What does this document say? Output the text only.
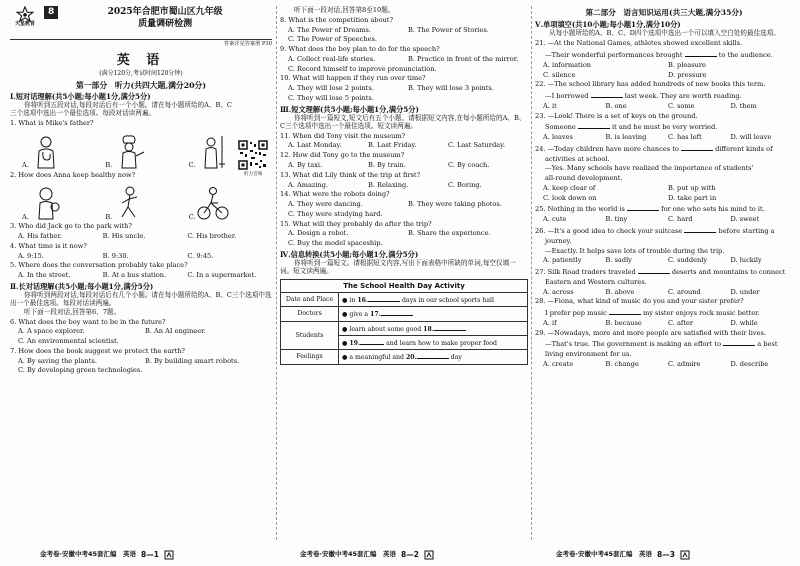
天星教育
8	2025年合肥市蜀山区九年级
质量调研检测
答案详见答案册 P30
英 语
(满分120分,考试时间120分钟)
第一部分　听力(共四大题,满分20分)
Ⅰ.短对话理解(共5小题;每小题1分,满分5分)
你将听到五段对话,每段对话后有一个小题。请在每小题所给的A、B、C三个选项中选出一个最佳选项。每段对话读两遍。
1. What is Mike's father?
A.	B.	C.
2. How does Anna keep healthy now?
A.	B.	C.
3. Who did Jack go to the park with?
A. His father.	B. His uncle.	C. His brother.
4. What time is it now?
A. 9:15.	B. 9:30.	C. 9:45.
5. Where does the conversation probably take place?
A. In the street.	B. At a bus station.	C. In a supermarket.
Ⅱ.长对话理解(共5小题;每小题1分,满分5分)
你将听到两段对话,每段对话后有几个小题。请在每小题所给的A、B、C三个选项中选出一个最佳选项。每段对话读两遍。
听下面一段对话,回答第6、7题。
6. What does the boy want to be in the future?
A. A space explorer.	B. An AI engineer.
C. An environmental scientist.
7. How does the book suggest we protect the earth?
A. By saving the plants.	B. By building smart robots.
C. By developing green technologies.
听力音频
听下面一段对话,回答第8至10题。
8. What is the competition about?
A. The Power of Dreams.	B. The Power of Stories.
C. The Power of Speeches.
9. What does the boy plan to do for the speech?
A. Collect real-life stories.	B. Practice in front of the mirror.
C. Record himself to improve pronunciation.
10. What will happen if they run over time?
A. They will lose 2 points.	B. They will lose 3 points.
C. They will lose 5 points.
Ⅲ.短文理解(共5小题;每小题1分,满分5分)
你将听到一篇短文,短文后有五个小题。请根据短文内容,在每小题所给的A、B、C三个选项中选出一个最佳选项。短文读两遍。
11. When did Tony visit the museum?
A. Last Monday.	B. Last Friday.	C. Last Saturday.
12. How did Tony go to the museum?
A. By taxi.	B. By train.	C. By coach.
13. What did Lily think of the trip at first?
A. Amazing.	B. Relaxing.	C. Boring.
14. What were the robots doing?
A. They were dancing.	B. They were taking photos.
C. They were studying hard.
15. What will they probably do after the trip?
A. Design a robot.	B. Share the experience.
C. Buy the model spaceship.
Ⅳ.信息转换(共5小题;每小题1分,满分5分)
你将听到一篇短文。请根据短文内容,写出下面表格中所缺的单词,每空仅填一词。短文读两遍。
The School Health Day Activity	
Date and Place	● in 16. days in our school sports hall
Doctors	● give a 17.
Students	● learn about some good 18.
	● 19. and learn how to make proper food
Feelings	● a meaningful and 20. day
第二部分　语言知识运用(共三大题,满分35分)
Ⅴ.单项填空(共10小题;每小题1分,满分10分)
从每小题所给的A、B、C、D四个选项中选出一个可以填入空白处的最佳选项。
21. —At the National Games, athletes showed excellent skills.
—Their wonderful performances brought	to the audience.
A. information	B. pleasure
C. silence	D. pressure
22. —The school library has added hundreds of new books this term.
—I borrowed	last week. They are worth reading.
A. it	B. one	C. some	D. them
23. —Look! There is a set of keys on the ground.
Someone	it and he must be very worried.
A. leaves	B. is leaving	C. has left	D. will leave
24. —Today children have more chances to	different kinds of
activities at school.
—Yes. Many schools have realized the importance of students'
all-round development.
A. keep clear of	B. put up with
C. look down on	D. take part in
25. Nothing in the world is	for one who sets his mind to it.
A. cute	B. tiny	C. hard	D. sweet
26. —It's a good idea to check your suitcase	before starting a
journey.
—Exactly. It helps save lots of trouble during the trip.
A. patiently	B. sadly	C. suddenly	D. luckily
27. Silk Road traders traveled	deserts and mountains to connect
Eastern and Western cultures.
A. across	B. above	C. around	D. under
28. —Fiona, what kind of music do you and your sister prefer?
I prefer pop music	my sister enjoys rock music better.
A. if	B. because	C. after	D. while
29. —Nowadays, more and more people are satisfied with their lives.
—That's true. The government is making an effort to	a best
living environment for us.
A. create	B. change	C. admire	D. describe
金考卷·安徽中考45套汇编　英语 8—1	金考卷·安徽中考45套汇编　英语 8—2	金考卷·安徽中考45套汇编　英语 8—3
